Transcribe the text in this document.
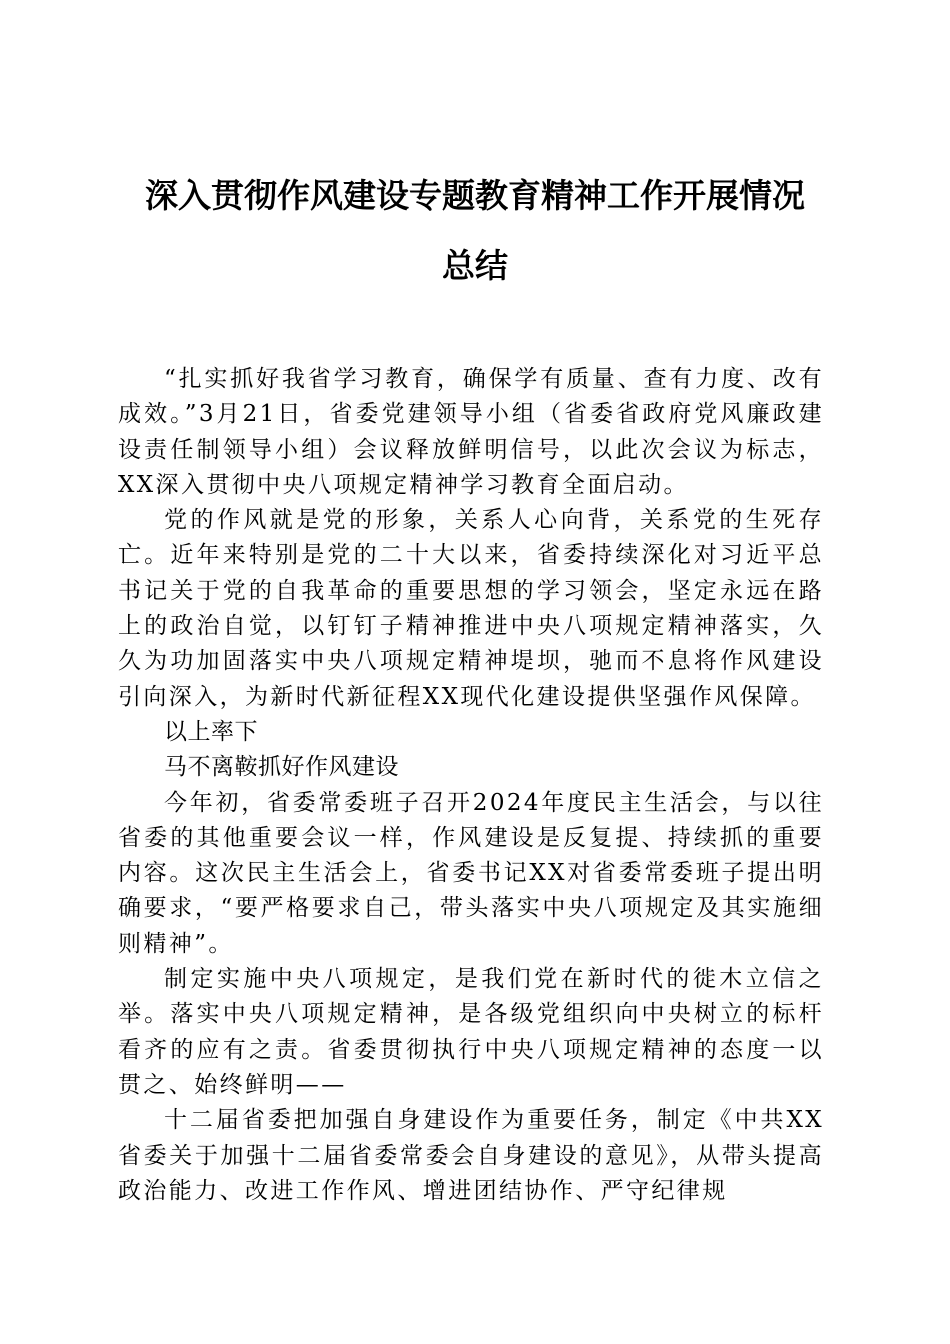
深入贯彻作风建设专题教育精神工作开展情况
总结

“扎实抓好我省学习教育，确保学有质量、查有力度、改有成效。”3月21日，省委党建领导小组（省委省政府党风廉政建设责任制领导小组）会议释放鲜明信号，以此次会议为标志，XX深入贯彻中央八项规定精神学习教育全面启动。

党的作风就是党的形象，关系人心向背，关系党的生死存亡。近年来特别是党的二十大以来，省委持续深化对习近平总书记关于党的自我革命的重要思想的学习领会，坚定永远在路上的政治自觉，以钉钉子精神推进中央八项规定精神落实，久久为功加固落实中央八项规定精神堤坝，驰而不息将作风建设引向深入，为新时代新征程XX现代化建设提供坚强作风保障。

以上率下

马不离鞍抓好作风建设

今年初，省委常委班子召开2024年度民主生活会，与以往省委的其他重要会议一样，作风建设是反复提、持续抓的重要内容。这次民主生活会上，省委书记XX对省委常委班子提出明确要求，“要严格要求自己，带头落实中央八项规定及其实施细则精神”。

制定实施中央八项规定，是我们党在新时代的徙木立信之举。落实中央八项规定精神，是各级党组织向中央树立的标杆看齐的应有之责。省委贯彻执行中央八项规定精神的态度一以贯之、始终鲜明——

十二届省委把加强自身建设作为重要任务，制定《中共XX省委关于加强十二届省委常委会自身建设的意见》，从带头提高政治能力、改进工作作风、增进团结协作、严守纪律规
